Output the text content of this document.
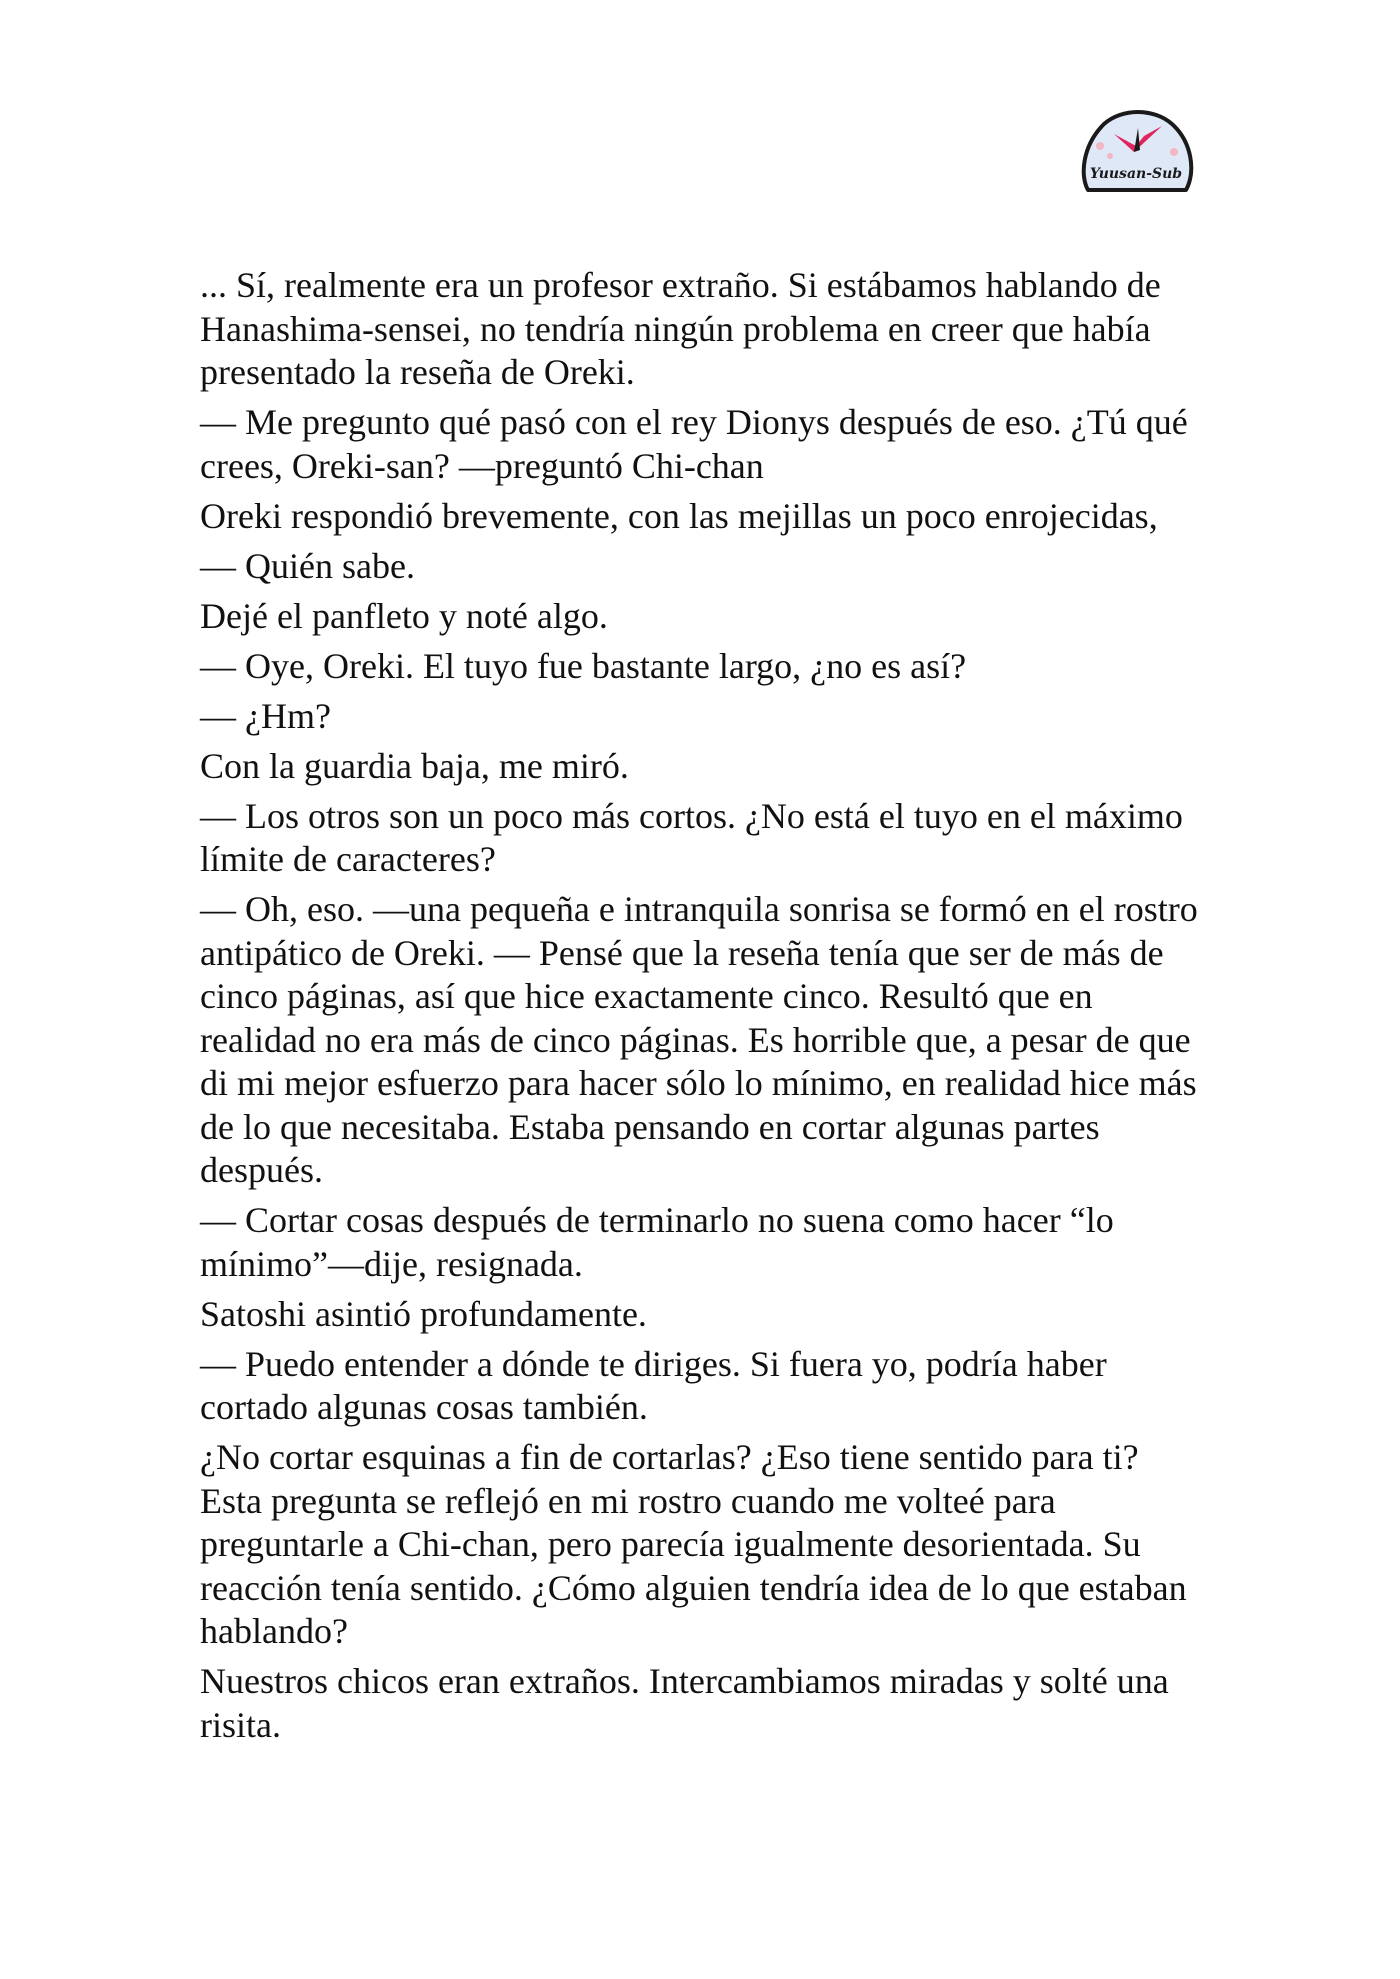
Yuusan-Sub

... Sí, realmente era un profesor extraño. Si estábamos hablando de Hanashima-sensei, no tendría ningún problema en creer que había presentado la reseña de Oreki.

— Me pregunto qué pasó con el rey Dionys después de eso. ¿Tú qué crees, Oreki-san? —preguntó Chi-chan

Oreki respondió brevemente, con las mejillas un poco enrojecidas,

— Quién sabe.

Dejé el panfleto y noté algo.

— Oye, Oreki. El tuyo fue bastante largo, ¿no es así?

— ¿Hm?

Con la guardia baja, me miró.

— Los otros son un poco más cortos. ¿No está el tuyo en el máximo límite de caracteres?

— Oh, eso. —una pequeña e intranquila sonrisa se formó en el rostro antipático de Oreki. — Pensé que la reseña tenía que ser de más de cinco páginas, así que hice exactamente cinco. Resultó que en realidad no era más de cinco páginas. Es horrible que, a pesar de que di mi mejor esfuerzo para hacer sólo lo mínimo, en realidad hice más de lo que necesitaba. Estaba pensando en cortar algunas partes después.

— Cortar cosas después de terminarlo no suena como hacer “lo mínimo”—dije, resignada.

Satoshi asintió profundamente.

— Puedo entender a dónde te diriges. Si fuera yo, podría haber cortado algunas cosas también.

¿No cortar esquinas a fin de cortarlas? ¿Eso tiene sentido para ti? Esta pregunta se reflejó en mi rostro cuando me volteé para preguntarle a Chi-chan, pero parecía igualmente desorientada. Su reacción tenía sentido. ¿Cómo alguien tendría idea de lo que estaban hablando?

Nuestros chicos eran extraños. Intercambiamos miradas y solté una risita.
